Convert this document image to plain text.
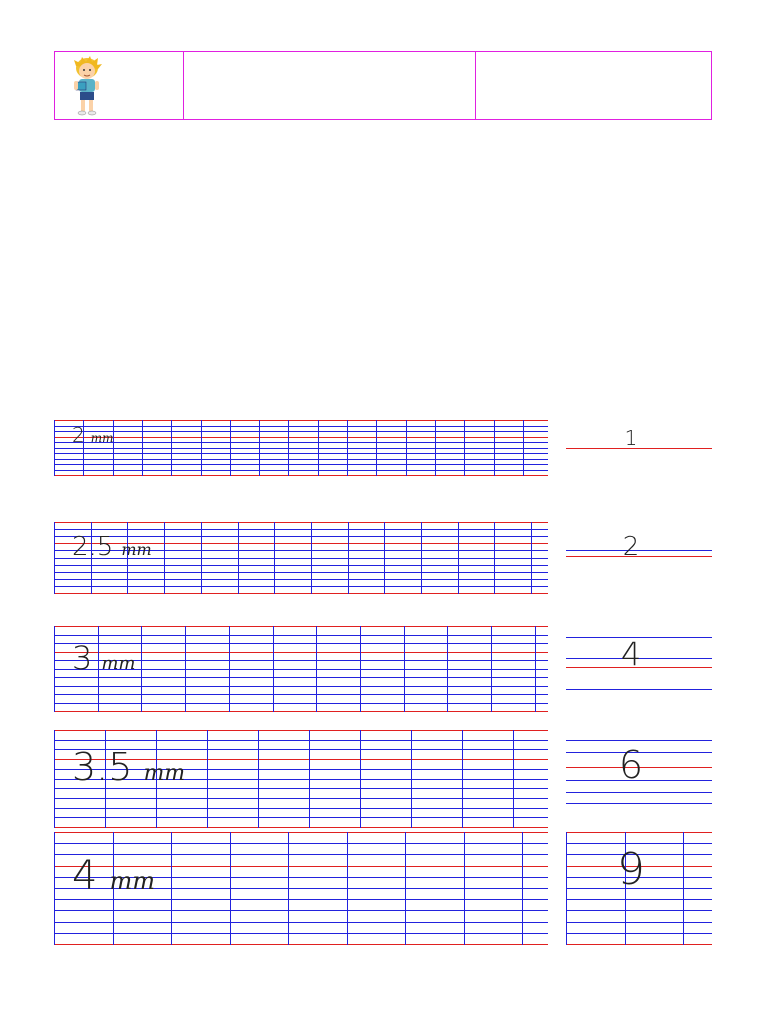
2 mm	1
2.5 mm	2
3 mm	4
3.5 mm	6
4 mm	9
